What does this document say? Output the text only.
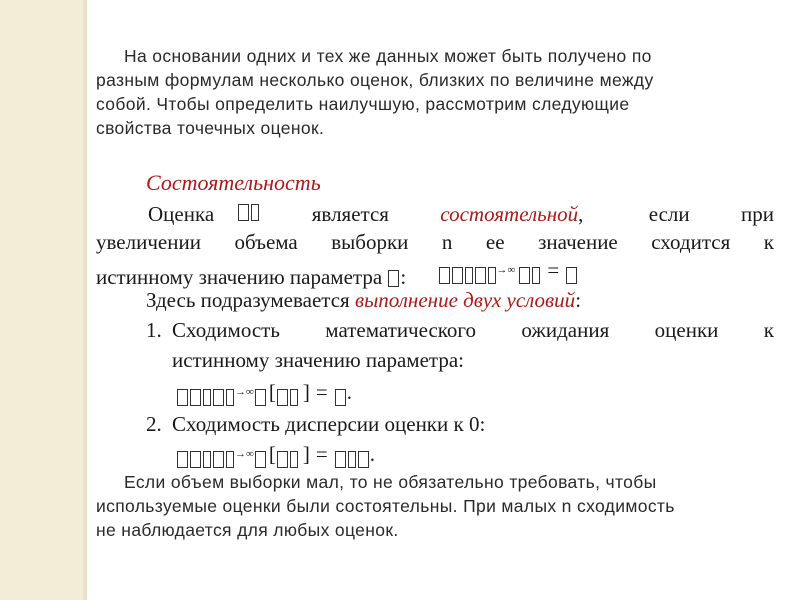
На основании одних и тех же данных может быть получено по
разным формулам несколько оценок, близких по величине между
собой. Чтобы определить наилучшую, рассмотрим следующие
свойства точечных оценок.
Состоятельность
Оценка	является состоятельной,	если при
увеличении объема выборки n ее значение сходится к
истинному значению параметра :	→∞ =
Здесь подразумевается выполнение двух условий:
1. Сходимость математического ожидания оценки к
истинному значению параметра:
→∞ [ ] = .
2. Сходимость дисперсии оценки к 0:
→∞ [ ] = .
Если объем выборки мал, то не обязательно требовать, чтобы
используемые оценки были состоятельны. При малых n сходимость
не наблюдается для любых оценок.
